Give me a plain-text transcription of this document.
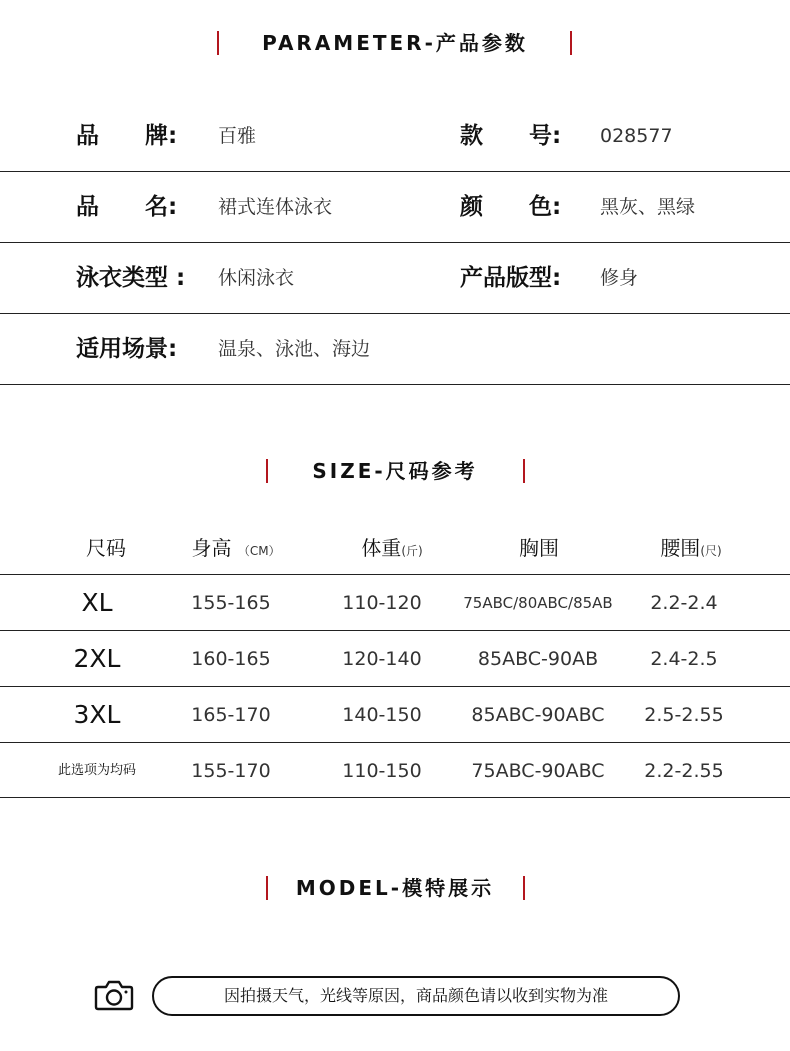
PARAMETER-产品参数
品　　牌: 百雅	款　　号: 028577
品　　名: 裙式连体泳衣	颜　　色: 黑灰、黑绿
泳衣类型 : 休闲泳衣	产品版型: 修身
适用场景: 温泉、泳池、海边
SIZE-尺码参考
尺码	身高 （CM）	体重(斤)	胸围	腰围(尺)
XL	155-165	110-120	75ABC/80ABC/85AB	2.2-2.4
2XL	160-165	120-140	85ABC-90AB	2.4-2.5
3XL	165-170	140-150	85ABC-90ABC	2.5-2.55
此选项为均码	155-170	110-150	75ABC-90ABC	2.2-2.55
MODEL-模特展示
因拍摄天气，光线等原因，商品颜色请以收到实物为准
